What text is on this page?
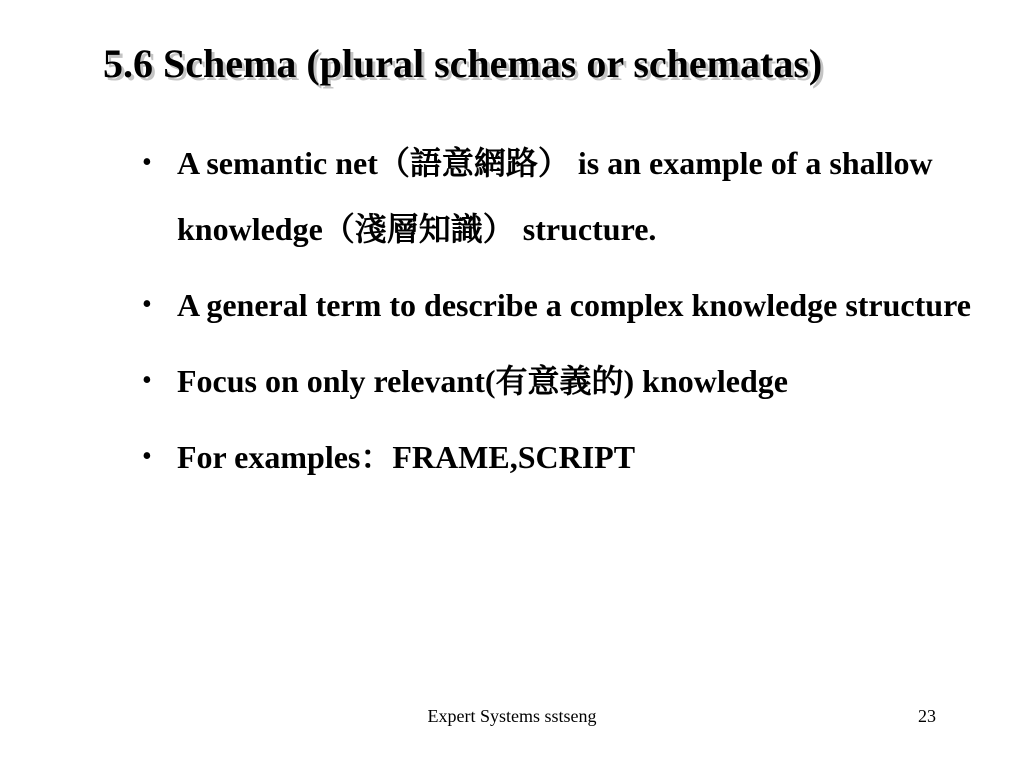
5.6 Schema (plural schemas or schematas)
• A semantic net（語意網路） is an example of a shallow knowledge（淺層知識） structure.
• A general term to describe a complex knowledge structure
• Focus on only relevant(有意義的) knowledge
• For examples：FRAME,SCRIPT
Expert Systems sstseng	23
